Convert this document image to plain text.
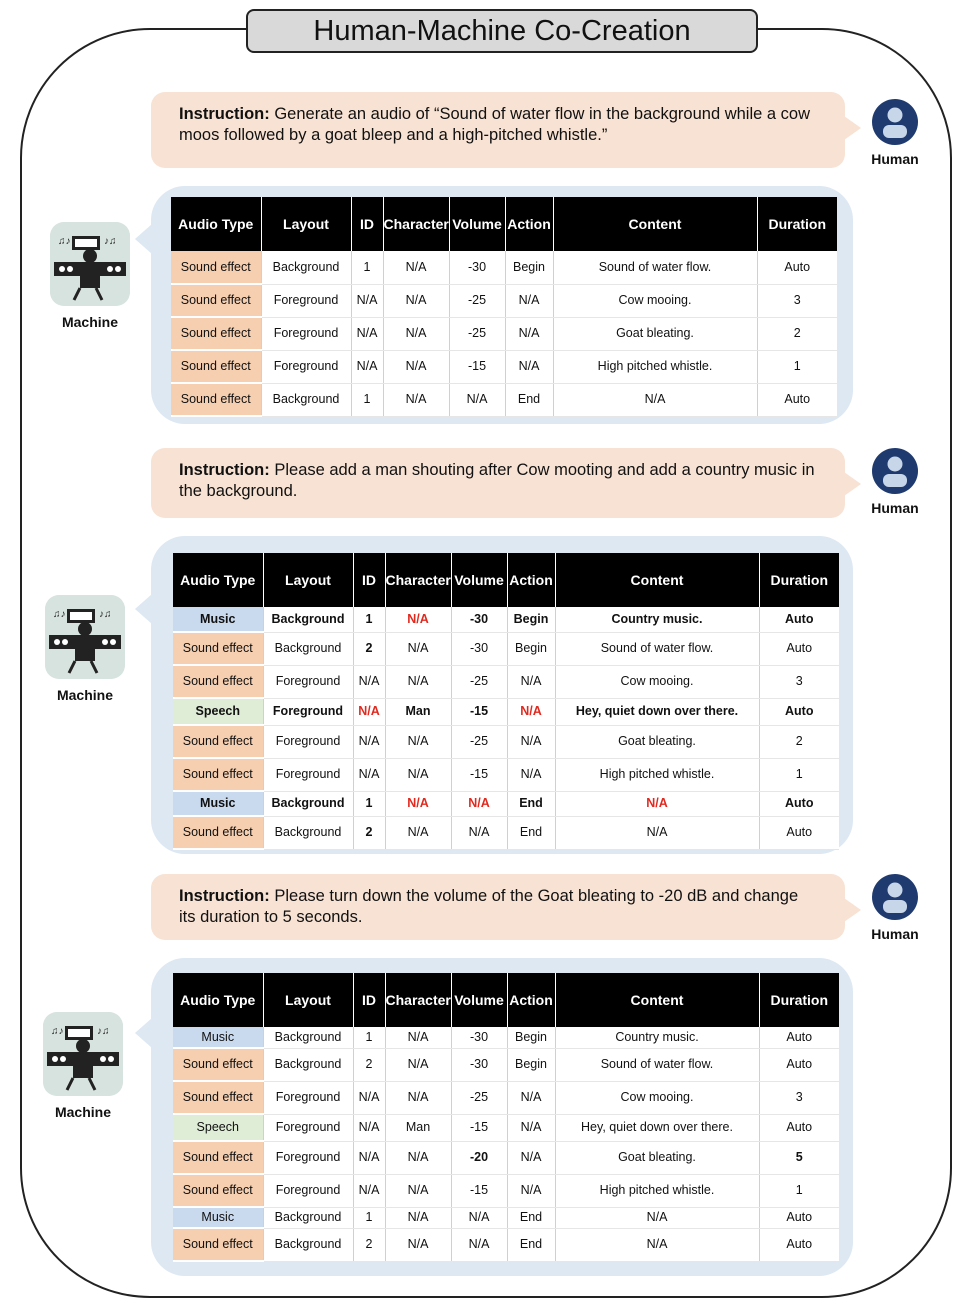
Human-Machine Co-Creation
Instruction: Generate an audio of “Sound of water flow in the background while a cow moos followed by a goat bleep and a high-pitched whistle.”
Human
♫♪	♪♫
Machine
Audio Type	Layout	ID	Character	Volume	Action	Content	Duration
Sound effect	Background	1	N/A	-30	Begin	Sound of water flow.	Auto
Sound effect	Foreground	N/A	N/A	-25	N/A	Cow mooing.	3
Sound effect	Foreground	N/A	N/A	-25	N/A	Goat bleating.	2
Sound effect	Foreground	N/A	N/A	-15	N/A	High pitched whistle.	1
Sound effect	Background	1	N/A	N/A	End	N/A	Auto
Instruction: Please add a man shouting after Cow mooting and add a country music in the background.
Human
♫♪	♪♫
Machine
Audio Type	Layout	ID	Character	Volume	Action	Content	Duration
Music	Background	1	N/A	-30	Begin	Country music.	Auto
Sound effect	Background	2	N/A	-30	Begin	Sound of water flow.	Auto
Sound effect	Foreground	N/A	N/A	-25	N/A	Cow mooing.	3
Speech	Foreground	N/A	Man	-15	N/A	Hey, quiet down over there.	Auto
Sound effect	Foreground	N/A	N/A	-25	N/A	Goat bleating.	2
Sound effect	Foreground	N/A	N/A	-15	N/A	High pitched whistle.	1
Music	Background	1	N/A	N/A	End	N/A	Auto
Sound effect	Background	2	N/A	N/A	End	N/A	Auto
Instruction: Please turn down the volume of the Goat bleating to -20 dB and change its duration to 5 seconds.
Human
♫♪	♪♫
Machine
Audio Type	Layout	ID	Character	Volume	Action	Content	Duration
Music	Background	1	N/A	-30	Begin	Country music.	Auto
Sound effect	Background	2	N/A	-30	Begin	Sound of water flow.	Auto
Sound effect	Foreground	N/A	N/A	-25	N/A	Cow mooing.	3
Speech	Foreground	N/A	Man	-15	N/A	Hey, quiet down over there.	Auto
Sound effect	Foreground	N/A	N/A	-20	N/A	Goat bleating.	5
Sound effect	Foreground	N/A	N/A	-15	N/A	High pitched whistle.	1
Music	Background	1	N/A	N/A	End	N/A	Auto
Sound effect	Background	2	N/A	N/A	End	N/A	Auto
